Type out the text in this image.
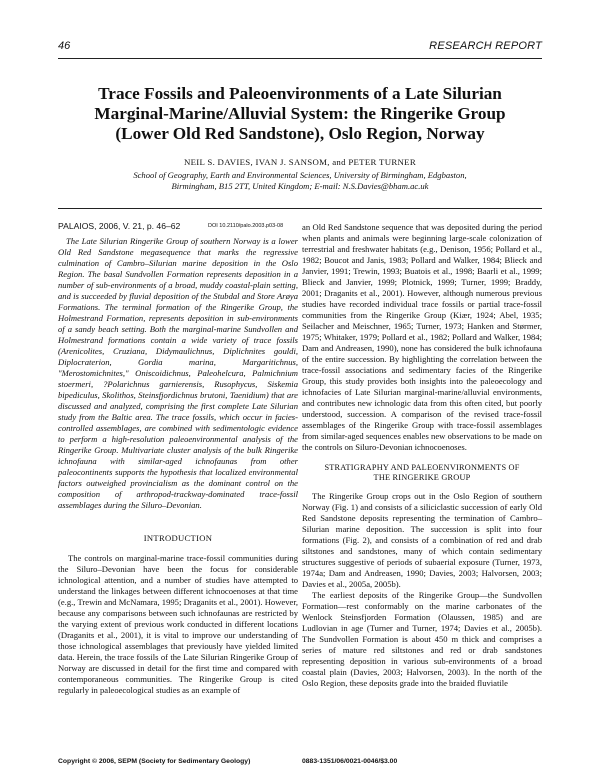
46	RESEARCH REPORT
Trace Fossils and Paleoenvironments of a Late Silurian
Marginal-Marine/Alluvial System: the Ringerike Group
(Lower Old Red Sandstone), Oslo Region, Norway
NEIL S. DAVIES, IVAN J. SANSOM, and PETER TURNER
School of Geography, Earth and Environmental Sciences, University of Birmingham, Edgbaston,
Birmingham, B15 2TT, United Kingdom; E-mail: N.S.Davies@bham.ac.uk
PALAIOS, 2006, V. 21, p. 46–62	DOI 10.2110/palo.2003.p03-08

The Late Silurian Ringerike Group of southern Norway is a lower Old Red Sandstone megasequence that marks the regressive culmination of Cambro–Silurian marine deposition in the Oslo Region. The basal Sundvollen Formation represents deposition in a number of sub-environments of a broad, muddy coastal-plain setting, and is succeeded by fluvial deposition of the Stubdal and Store Arøya Formations. The terminal formation of the Ringerike Group, the Holmestrand Formation, represents deposition in sub-environments of a sandy beach setting. Both the marginal-marine Sundvollen and Holmestrand formations contain a wide variety of trace fossils (Arenicolites, Cruziana, Didymaulichnus, Diplichnites gouldi, Diplocraterion, Gordia marina, Margaritichnus, "Merostomichnites," Oniscoidichnus, Paleohelcura, Palmichnium stoermeri, ?Polarichnus garnierensis, Rusophycus, Siskemia bipediculus, Skolithos, Steinsfjordichnus brutoni, Taenidium) that are discussed and analyzed, comprising the first complete Late Silurian study from the Baltic area. The trace fossils, which occur in facies-controlled assemblages, are combined with sedimentologic evidence to perform a high-resolution paleoenvironmental analysis of the Ringerike Group. Multivariate cluster analysis of the bulk Ringerike ichnofauna with similar-aged ichnofaunas from other paleocontinents supports the hypothesis that localized environmental factors outweighed provincialism as the dominant control on the composition of arthropod-trackway-dominated trace-fossil assemblages during the Siluro–Devonian.

INTRODUCTION

The controls on marginal-marine trace-fossil communities during the Siluro–Devonian have been the focus for considerable ichnological attention, and a number of studies have attempted to understand the linkages between different ichnocoenoses at that time (e.g., Trewin and McNamara, 1995; Draganits et al., 2001). However, because any comparisons between such ichnofaunas are restricted by the varying extent of previous work conducted in different locations (Draganits et al., 2001), it is vital to improve our understanding of those ichnological assemblages that previously have yielded limited data. Herein, the trace fossils of the Late Silurian Ringerike Group of Norway are discussed in detail for the first time and compared with contemporaneous communities. The Ringerike Group is cited regularly in paleoecological studies as an example of

an Old Red Sandstone sequence that was deposited during the period when plants and animals were beginning large-scale colonization of terrestrial and freshwater habitats (e.g., Denison, 1956; Pollard et al., 1982; Boucot and Janis, 1983; Pollard and Walker, 1984; Blieck and Janvier, 1991; Trewin, 1993; Buatois et al., 1998; Baarli et al., 1999; Blieck and Janvier, 1999; Plotnick, 1999; Turner, 1999; Braddy, 2001; Draganits et al., 2001). However, although numerous previous studies have recorded individual trace fossils or partial trace-fossil communities from the Ringerike Group (Kiær, 1924; Abel, 1935; Seilacher and Meischner, 1965; Turner, 1973; Hanken and Størmer, 1975; Whitaker, 1979; Pollard et al., 1982; Pollard and Walker, 1984; Dam and Andreasen, 1990), none has considered the bulk ichnofauna of the entire succession. By highlighting the correlation between the trace-fossil associations and sedimentary facies of the Ringerike Group, this study provides both insights into the paleoecology and ichnofacies of Late Silurian marginal-marine/alluvial environments, and contributes new ichnologic data from this often cited, but poorly understood, succession. A comparison of the revised trace-fossil assemblages of the Ringerike Group with trace-fossil assemblages from similar-aged sequences enables new observations to be made on the controls on Siluro-Devonian ichnocoenoses.

STRATIGRAPHY AND PALEOENVIRONMENTS OF
THE RINGERIKE GROUP

The Ringerike Group crops out in the Oslo Region of southern Norway (Fig. 1) and consists of a siliciclastic succession of early Old Red Sandstone deposits representing the termination of Cambro–Silurian marine deposition. The succession is split into four formations (Fig. 2), and consists of a combination of red and drab siltstones and sandstones, many of which contain sedimentary structures suggestive of periods of subaerial exposure (Turner, 1973, 1974a; Dam and Andreasen, 1990; Davies, 2003; Halvorsen, 2003; Davies et al., 2005a, 2005b).

The earliest deposits of the Ringerike Group—the Sundvollen Formation—rest conformably on the marine carbonates of the Wenlock Steinsfjorden Formation (Olaussen, 1985) and are Ludlovian in age (Turner and Turner, 1974; Davies et al., 2005b). The Sundvollen Formation is about 450 m thick and comprises a series of mature red siltstones and red or drab sandstones representing deposition in various sub-environments of a broad coastal plain (Davies, 2003; Halvorsen, 2003). In the north of the Oslo Region, these deposits grade into the braided fluviatile

Copyright © 2006, SEPM (Society for Sedimentary Geology)	0883-1351/06/0021-0046/$3.00
